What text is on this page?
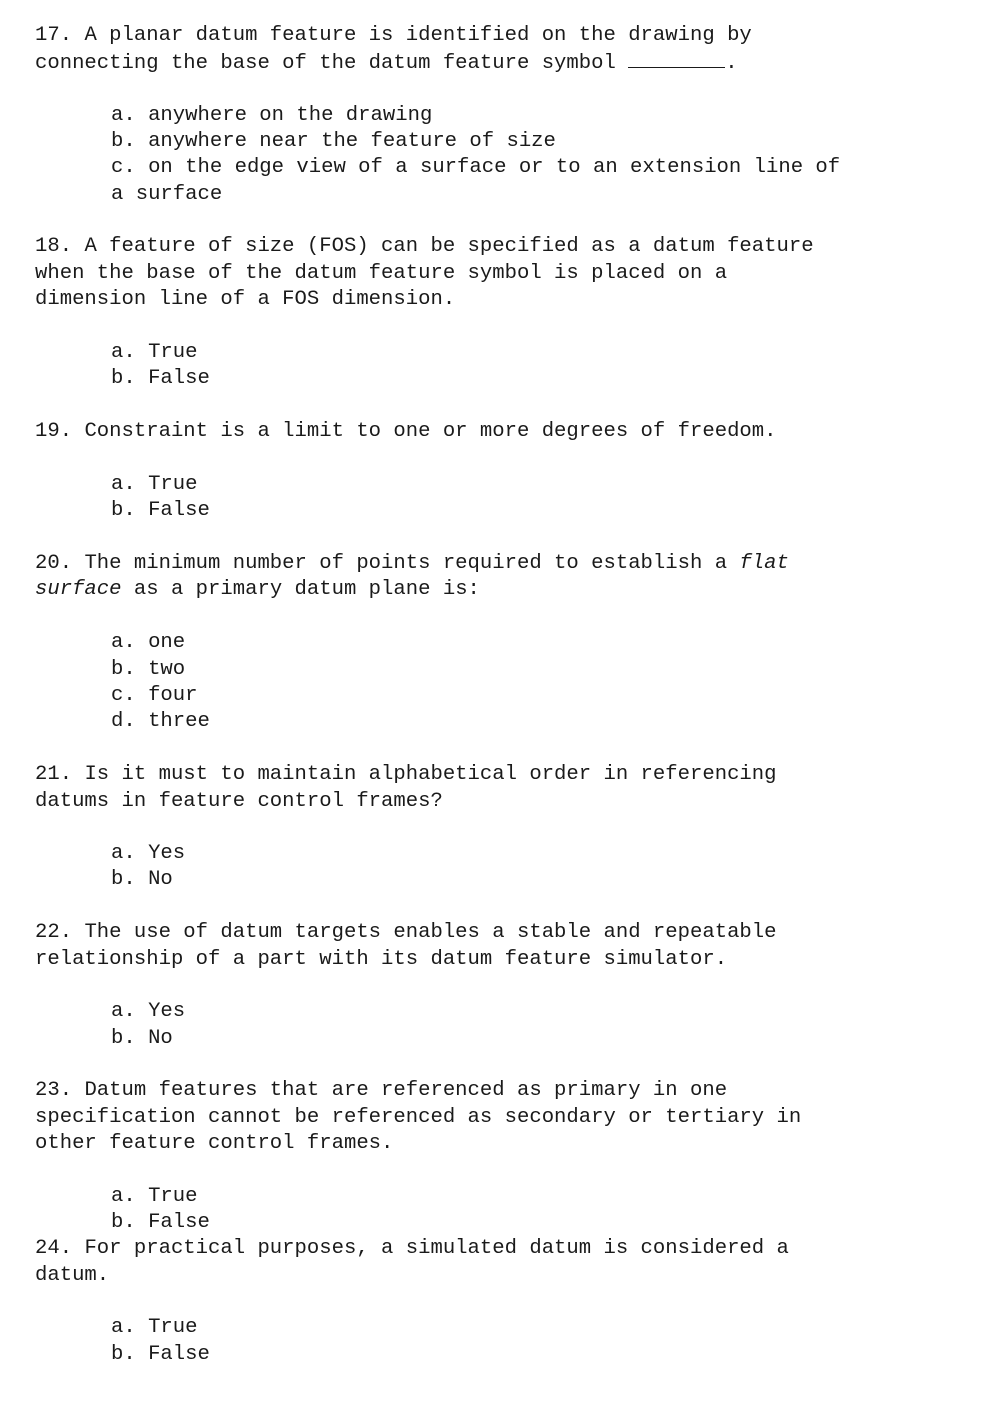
17. A planar datum feature is identified on the drawing by

connecting the base of the datum feature symbol	.

a. anywhere on the drawing

b. anywhere near the feature of size

c. on the edge view of a surface or to an extension line of

a surface

18. A feature of size (FOS) can be specified as a datum feature

when the base of the datum feature symbol is placed on a

dimension line of a FOS dimension.

a. True

b. False

19. Constraint is a limit to one or more degrees of freedom.

a. True

b. False

20. The minimum number of points required to establish a flat

surface as a primary datum plane is:

a. one

b. two

c. four

d. three

21. Is it must to maintain alphabetical order in referencing

datums in feature control frames?

a. Yes

b. No

22. The use of datum targets enables a stable and repeatable

relationship of a part with its datum feature simulator.

a. Yes

b. No

23. Datum features that are referenced as primary in one

specification cannot be referenced as secondary or tertiary in

other feature control frames.

a. True

b. False

24. For practical purposes, a simulated datum is considered a

datum.

a. True

b. False
